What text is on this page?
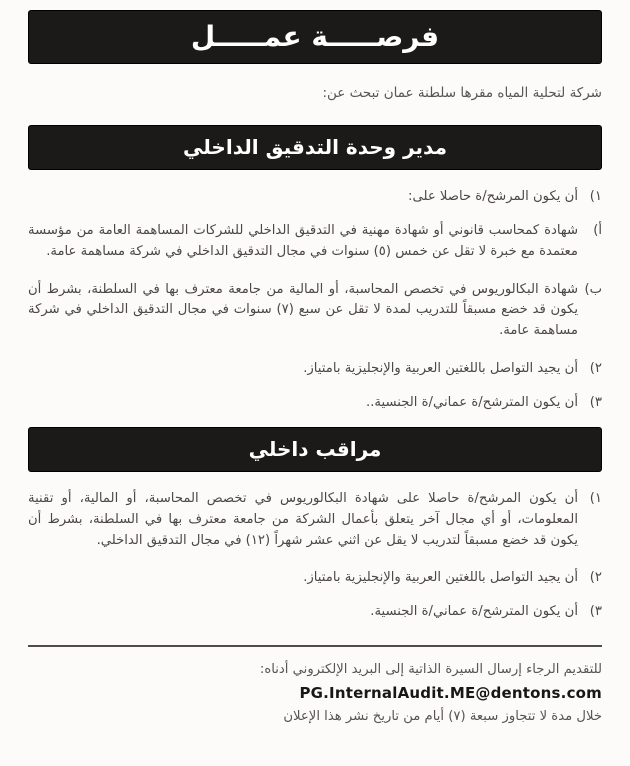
فرصـــــة عمـــــل

شركة لتحلية المياه مقرها سلطنة عمان تبحث عن:

مدير وحدة التدقيق الداخلي
١)
أن يكون المرشح/ة حاصلا على:
أ)
شهادة كمحاسب قانوني أو شهادة مهنية في التدقيق الداخلي للشركات المساهمة العامة من مؤسسة معتمدة مع خبرة لا تقل عن خمس (٥) سنوات في مجال التدقيق الداخلي في شركة مساهمة عامة.
ب)
شهادة البكالوريوس في تخصص المحاسبة، أو المالية من جامعة معترف بها في السلطنة، بشرط أن يكون قد خضع مسبقاً للتدريب لمدة لا تقل عن سبع (٧) سنوات في مجال التدقيق الداخلي في شركة مساهمة عامة.
٢)
أن يجيد التواصل باللغتين العربية والإنجليزية بامتياز.
٣)
أن يكون المترشح/ة عماني/ة الجنسية..
مراقب داخلي
١)
أن يكون المرشح/ة حاصلا على شهادة البكالوريوس في تخصص المحاسبة، أو المالية، أو تقنية المعلومات، أو أي مجال آخر يتعلق بأعمال الشركة من جامعة معترف بها في السلطنة، بشرط أن يكون قد خضع مسبقاً لتدريب لا يقل عن اثني عشر شهراً (١٢) في مجال التدقيق الداخلي.
٢)
أن يجيد التواصل باللغتين العربية والإنجليزية بامتياز.
٣)
أن يكون المترشح/ة عماني/ة الجنسية.

للتقديم الرجاء إرسال السيرة الذاتية إلى البريد الإلكتروني أدناه:

PG.InternalAudit.ME@dentons.com

خلال مدة لا تتجاوز سبعة (٧) أيام من تاريخ نشر هذا الإعلان
